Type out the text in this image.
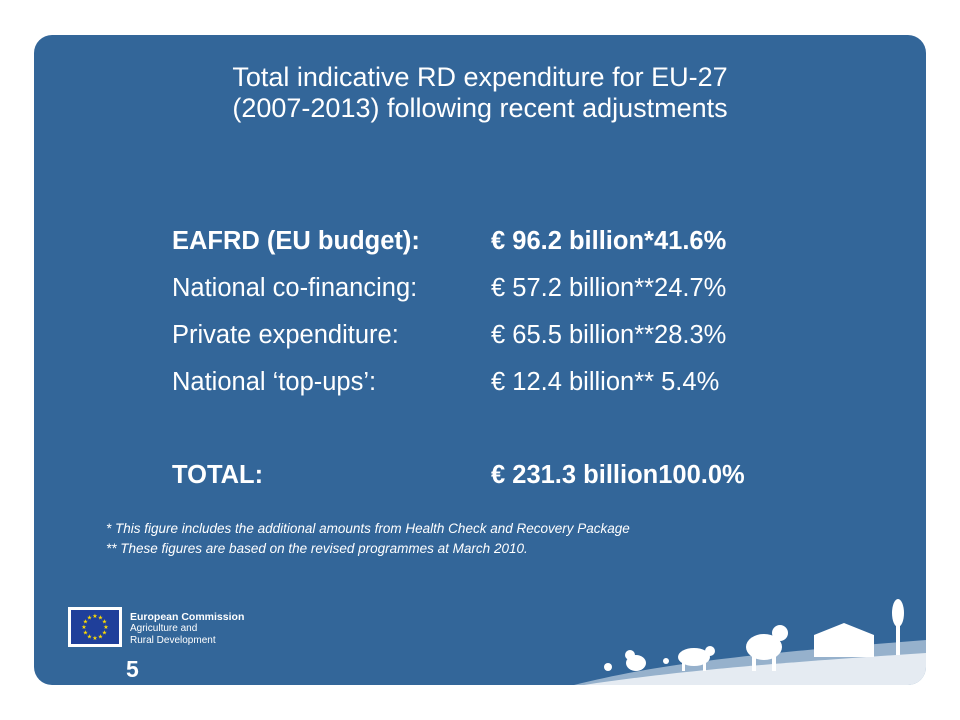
Total indicative RD expenditure for EU-27
(2007-2013) following recent adjustments
EAFRD (EU budget):	€ 96.2 billion*41.6%
National co-financing:	€ 57.2 billion**24.7%
Private expenditure:	€ 65.5 billion**28.3%
National ‘top-ups’:	€ 12.4 billion** 5.4%
TOTAL:	€ 231.3 billion100.0%
* This figure includes the additional amounts from Health Check and Recovery Package
** These figures are based on the revised programmes at March 2010.
★ ★
★
★
★
★
★
★
★
★
★
★	European Commission
Agriculture and
Rural Development
5
